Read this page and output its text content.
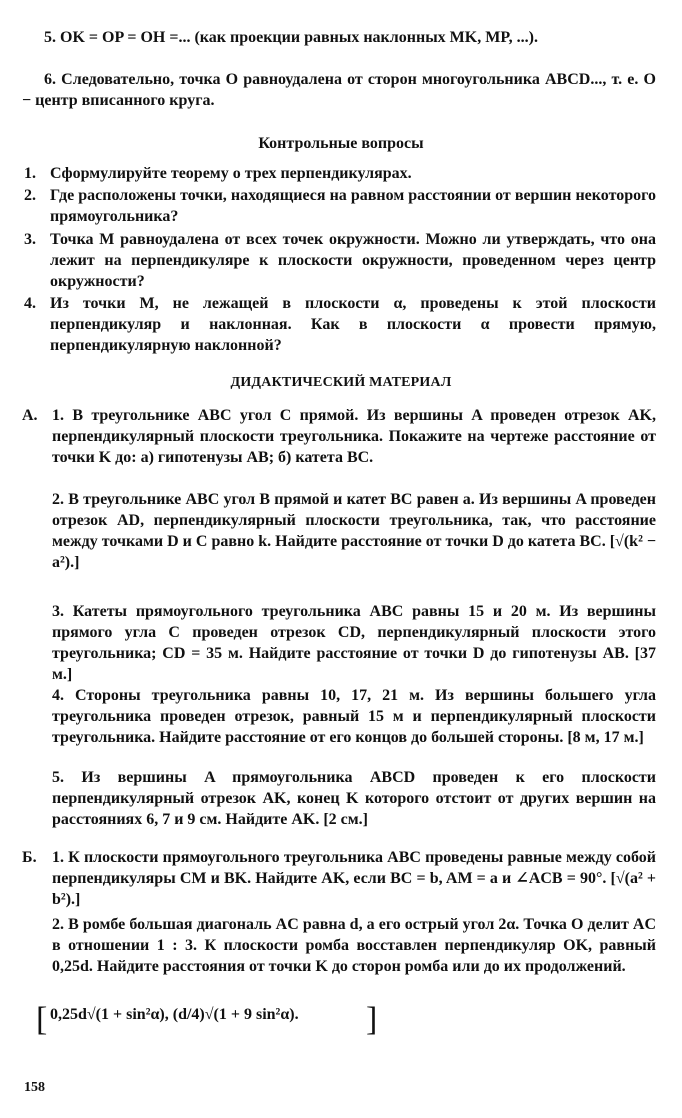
5. OK = OP = OH =... (как проекции равных наклонных MK, MP, ...).
6. Следовательно, точка O равноудалена от сторон многоугольника ABCD..., т. е. O − центр вписанного круга.
Контрольные вопросы
1. Сформулируйте теорему о трех перпендикулярах.
2. Где расположены точки, находящиеся на равном расстоянии от вершин некоторого прямоугольника?
3. Точка M равноудалена от всех точек окружности. Можно ли утверждать, что она лежит на перпендикуляре к плоскости окружности, проведенном через центр окружности?
4. Из точки M, не лежащей в плоскости α, проведены к этой плоскости перпендикуляр и наклонная. Как в плоскости α провести прямую, перпендикулярную наклонной?
ДИДАКТИЧЕСКИЙ МАТЕРИАЛ
А. 1. В треугольнике ABC угол C прямой. Из вершины A проведен отрезок AK, перпендикулярный плоскости треугольника. Покажите на чертеже расстояние от точки K до: а) гипотенузы AB; б) катета BC.
2. В треугольнике ABC угол B прямой и катет BC равен a. Из вершины A проведен отрезок AD, перпендикулярный плоскости треугольника, так, что расстояние между точками D и C равно k. Найдите расстояние от точки D до катета BC. [√(k² − a²).]
3. Катеты прямоугольного треугольника ABC равны 15 и 20 м. Из вершины прямого угла C проведен отрезок CD, перпендикулярный плоскости этого треугольника; CD = 35 м. Найдите расстояние от точки D до гипотенузы AB. [37 м.]
4. Стороны треугольника равны 10, 17, 21 м. Из вершины большего угла треугольника проведен отрезок, равный 15 м и перпендикулярный плоскости треугольника. Найдите расстояние от его концов до большей стороны. [8 м, 17 м.]
5. Из вершины A прямоугольника ABCD проведен к его плоскости перпендикулярный отрезок AK, конец K которого отстоит от других вершин на расстояниях 6, 7 и 9 см. Найдите AK. [2 см.]
Б. 1. К плоскости прямоугольного треугольника ABC проведены равные между собой перпендикуляры CM и BK. Найдите AK, если BC = b, AM = a и ∠ACB = 90°. [√(a² + b²).]
2. В ромбе большая диагональ AC равна d, а его острый угол 2α. Точка O делит AC в отношении 1 : 3. К плоскости ромба восставлен перпендикуляр OK, равный 0,25d. Найдите расстояния от точки K до сторон ромба или до их продолжений.
[ 0,25d√(1 + sin²α), (d/4)√(1 + 9 sin²α). ]
158
